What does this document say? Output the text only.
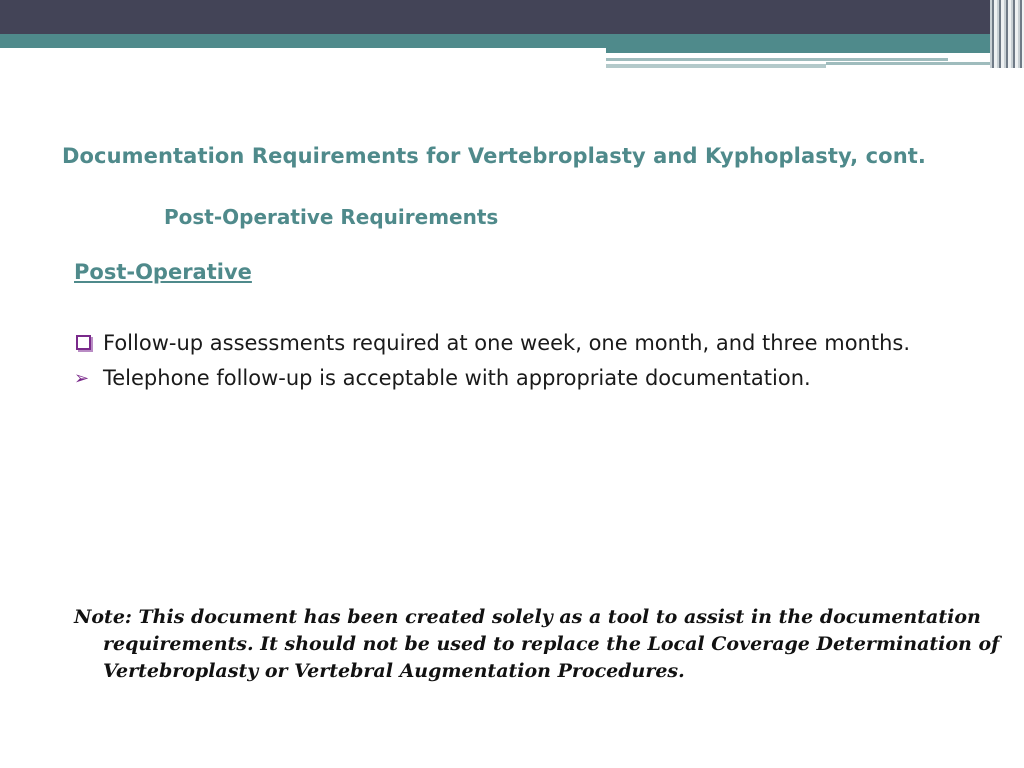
Documentation Requirements for Vertebroplasty and Kyphoplasty, cont.
Post-Operative Requirements
Post-Operative
Follow-up assessments required at one week, one month, and three months.
➢ Telephone follow-up is acceptable with appropriate documentation.

Note: This document has been created solely as a tool to assist in the documentation requirements. It should not be used to replace the Local Coverage Determination of Vertebroplasty or Vertebral Augmentation Procedures.
